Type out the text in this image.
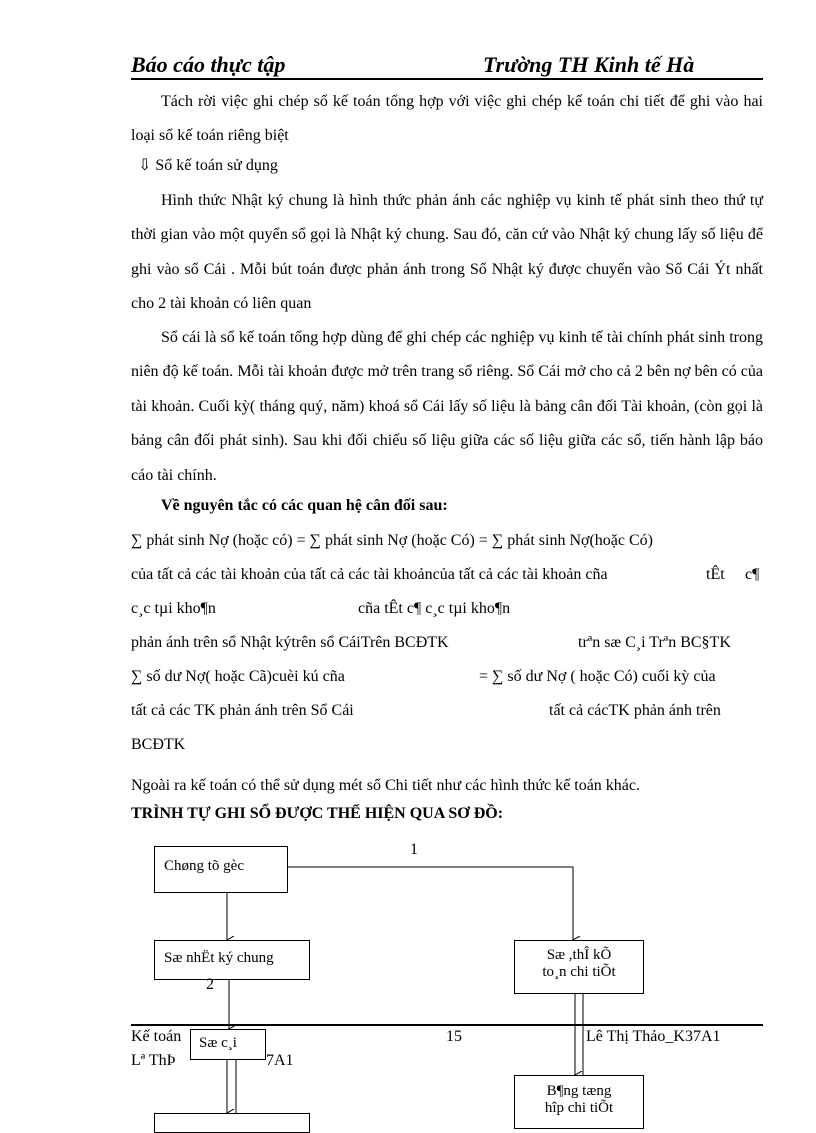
Báo cáo thực tập	Trường TH Kinh tế Hà
Tách rời việc ghi chép sổ kế toán tổng hợp với việc ghi chép kế toán chi tiết để ghi vào hai loại sổ kế toán riêng biệt
⇩ Sổ kế toán sử dụng
Hình thức Nhật ký chung là hình thức phản ánh các nghiệp vụ kinh tế phát sinh theo thứ tự thời gian vào một quyển sổ gọi là Nhật ký chung. Sau đó, căn cứ vào Nhật ký chung lấy số liệu để ghi vào sổ Cái . Mỗi bút toán được phản ánh trong Sổ Nhật ký được chuyển vào Sổ Cái Ýt nhất cho 2 tài khoản có liên quan
Sổ cái là sổ kế toán tổng hợp dùng để ghi chép các nghiệp vụ kinh tế tài chính phát sinh trong niên độ kế toán. Mỗi tài khoản được mở trên trang sổ riêng. Sổ Cái mở cho cả 2 bên nợ bên có của tài khoản. Cuối kỳ( tháng quý, năm) khoá sổ Cái lấy số liệu là bảng cân đối Tài khoản, (còn gọi là bảng cân đối phát sinh). Sau khi đối chiếu số liệu giữa các số liệu giữa các sổ, tiến hành lập báo cáo tài chính.
Về nguyên tắc có các quan hệ cân đối sau:
∑ phát sinh Nợ (hoặc có) = ∑ phát sinh Nợ (hoặc Có) = ∑ phát sinh Nợ(hoặc Có)
của tất cả các tài khoản của tất cả các tài khoảncủa tất cả các tài khoản cña	tÊt c¶
c¸c tµi kho¶n	cña tÊt c¶ c¸c tµi kho¶n
phản ánh trên sổ Nhật kýtrên sổ CáiTrên BCĐTK	trªn sæ C¸i Trªn BC§TK
∑ số dư Nợ( hoặc Cã)cuèi kú cña	= ∑ số dư Nợ ( hoặc Có) cuối kỳ của
tất cả các TK phản ánh trên Sổ Cái	tất cả cácTK phản ánh trên
BCĐTK
Ngoài ra kế toán có thể sử dụng mét sổ Chi tiết như các hình thức kế toán khác.
TRÌNH TỰ GHI SỔ ĐƯỢC THỂ HIỆN QUA SƠ ĐỒ:
Chøng tõ gèc
1
Sæ nhËt ký chung	Sæ ,thÎ kÕ
to¸n chi tiÕt
2
Kế toán
Lª ThÞ	7A1
15	Lê Thị Thảo_K37A1
Sæ c¸i
B¶ng tæng
hîp chi tiÕt
